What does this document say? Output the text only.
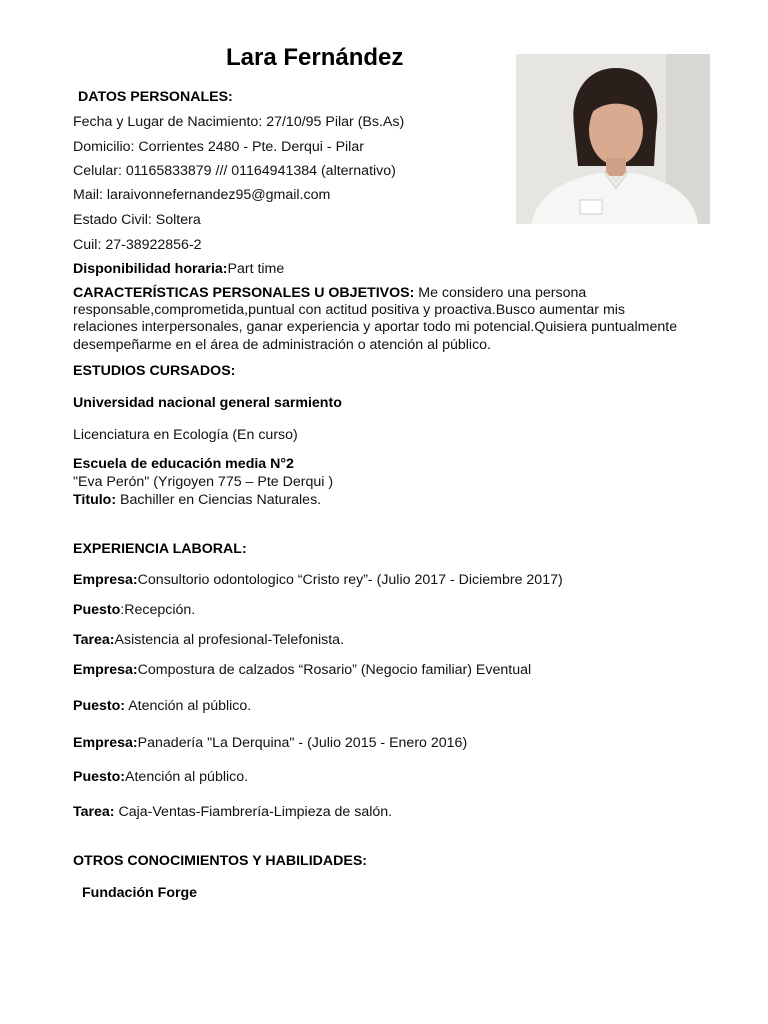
Lara Fernández
DATOS PERSONALES:
Fecha y Lugar de Nacimiento: 27/10/95 Pilar (Bs.As)
Domicilio: Corrientes 2480 - Pte. Derqui - Pilar
Celular: 01165833879 /// 01164941384 (alternativo)
Mail: laraivonnefernandez95@gmail.com
Estado Civil: Soltera
Cuil: 27-38922856-2
Disponibilidad horaria:Part time
CARACTERÍSTICAS PERSONALES U OBJETIVOS: Me considero una persona responsable,comprometida,puntual con actitud positiva y proactiva.Busco aumentar mis relaciones interpersonales, ganar experiencia y aportar todo mi potencial.Quisiera puntualmente desempeñarme en el área de administración o atención al público.
ESTUDIOS CURSADOS:
Universidad nacional general sarmiento
Licenciatura en Ecología (En curso)
Escuela de educación media N°2
"Eva Perón" (Yrigoyen 775 – Pte Derqui )
Titulo: Bachiller en Ciencias Naturales.
EXPERIENCIA LABORAL:
Empresa:Consultorio odontologico “Cristo rey”- (Julio 2017 - Diciembre 2017)
Puesto:Recepción.
Tarea:Asistencia al profesional-Telefonista.
Empresa:Compostura de calzados “Rosario” (Negocio familiar) Eventual
Puesto: Atención al público.
Empresa:Panadería "La Derquina" - (Julio 2015 - Enero 2016)
Puesto:Atención al público.
Tarea: Caja-Ventas-Fiambrería-Limpieza de salón.
OTROS CONOCIMIENTOS Y HABILIDADES:
Fundación Forge
